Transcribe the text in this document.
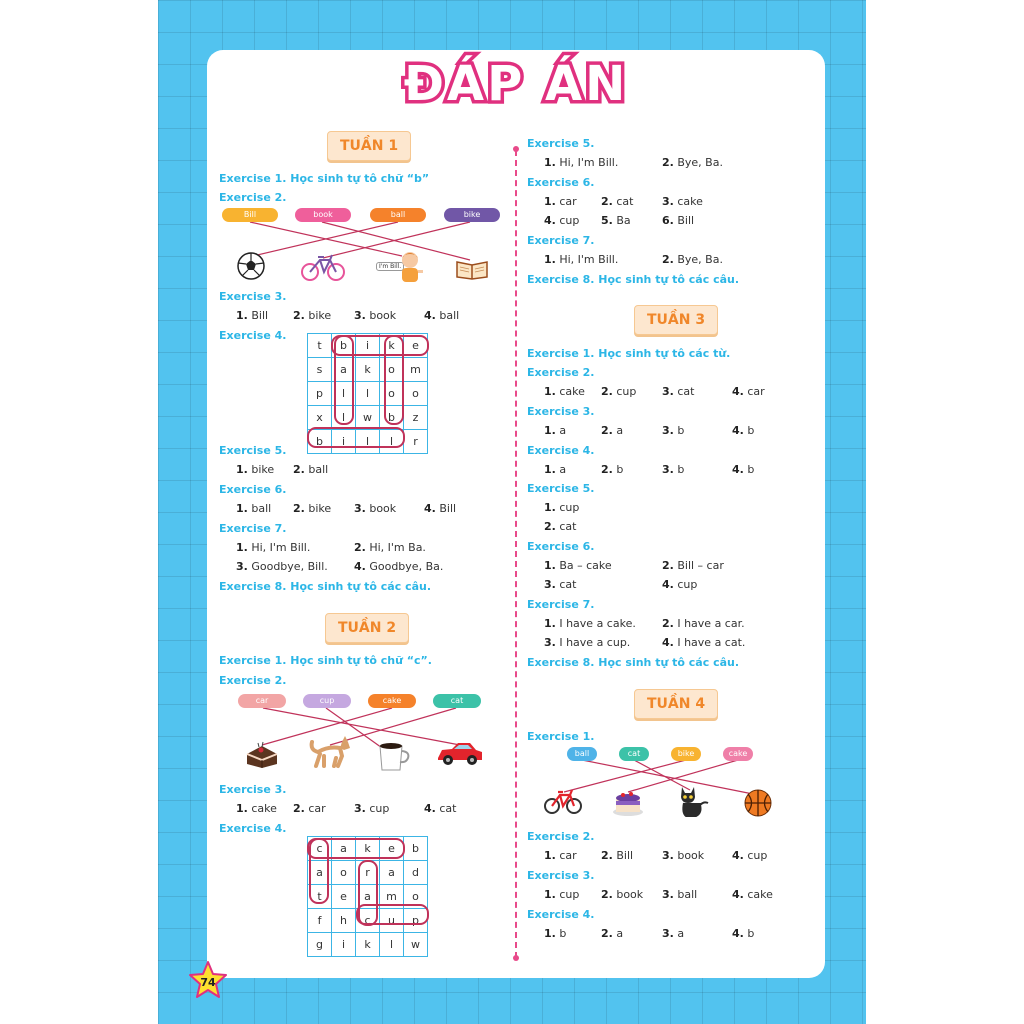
ĐÁP ÁN
TUẦN 1
Exercise 1. Học sinh tự tô chữ “b”
Exercise 2.
Bill	book	ball	bike
I'm Bill.
Exercise 3.
1. Bill 2. bike 3. book	4. ball
Exercise 4.
t	b	i	k	e
s	a	k	o	m
p	l	l	o	o
x	l	w	b	z
b	i	l	l	r
Exercise 5.
1. bike 2. ball
Exercise 6.
1. ball 2. bike 3. book	4. Bill
Exercise 7.
1. Hi, I'm Bill.	2. Hi, I'm Ba.
3. Goodbye, Bill. 4. Goodbye, Ba.
Exercise 8. Học sinh tự tô các câu.
TUẦN 2
Exercise 1. Học sinh tự tô chữ “c”.
Exercise 2.
car	cup	cake	cat
Exercise 3.
1. cake 2. car	3. cup	4. cat
Exercise 4.
c	a	k	e	b
a	o	r	a	d
t	e	a	m	o
f	h	c	u	p
g	i	k	l	w
Exercise 5.
1. Hi, I'm Bill.	2. Bye, Ba.
Exercise 6.
1. car 2. cat	3. cake
4. cup 5. Ba	6. Bill
Exercise 7.
1. Hi, I'm Bill.	2. Bye, Ba.
Exercise 8. Học sinh tự tô các câu.
TUẦN 3
Exercise 1. Học sinh tự tô các từ.
Exercise 2.
1. cake 2. cup 3. cat	4. car
Exercise 3.
1. a	2. a	3. b	4. b
Exercise 4.
1. a	2. b	3. b	4. b
Exercise 5.
1. cup
2. cat
Exercise 6.
1. Ba – cake	2. Bill – car
3. cat	4. cup
Exercise 7.
1. I have a cake. 2. I have a car.
3. I have a cup.	4. I have a cat.
Exercise 8. Học sinh tự tô các câu.
TUẦN 4
Exercise 1.
ball	cat	bike	cake
Exercise 2.
1. car 2. Bill	3. book	4. cup
Exercise 3.
1. cup 2. book 3. ball	4. cake
Exercise 4.
1. b	2. a	3. a	4. b
74
